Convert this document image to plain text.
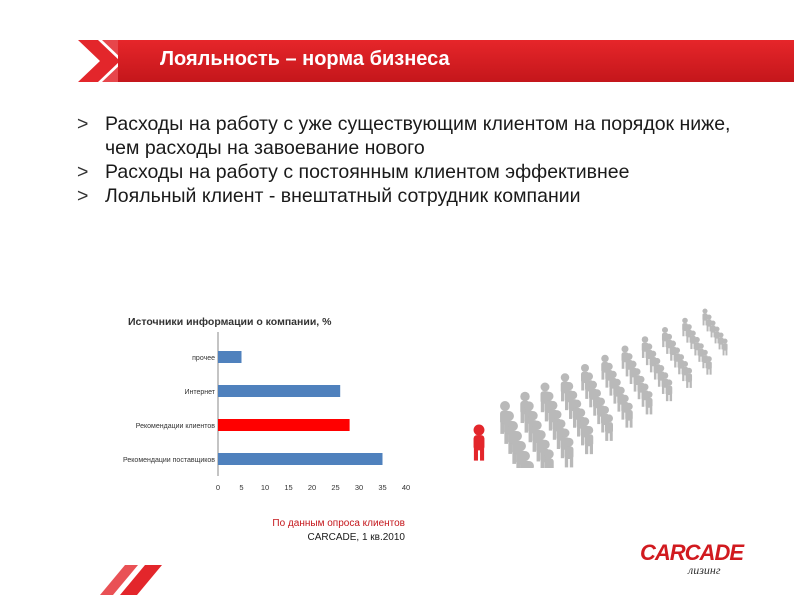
Лояльность – норма бизнеса
> Расходы на работу с уже существующим клиентом на порядок ниже, чем расходы на завоевание нового
> Расходы на работу с постоянным клиентом эффективнее
> Лояльный клиент - внештатный сотрудник компании
Источники информации о компании, %
прочее
Интернет
Рекомендации клиентов
Рекомендации поставщиков
0	5 10 15 20 25 30 35 40
По данным опроса клиентов
CARCADE, 1 кв.2010
CARCADE
лизинг
